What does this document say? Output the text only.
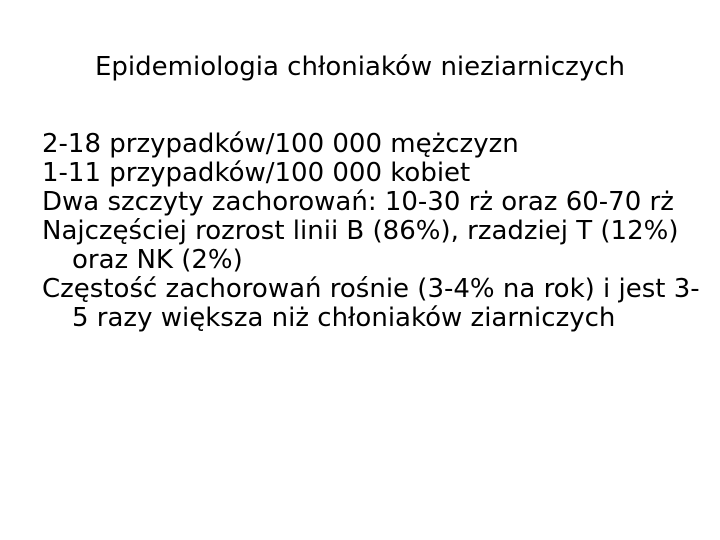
Epidemiologia chłoniaków nieziarniczych

2-18 przypadków/100 000 mężczyzn

1-11 przypadków/100 000 kobiet

Dwa szczyty zachorowań: 10-30 rż oraz 60-70 rż

Najczęściej rozrost linii B (86%), rzadziej T (12%) oraz NK (2%)

Częstość zachorowań rośnie (3-4% na rok) i jest 3-5 razy większa niż chłoniaków ziarniczych
